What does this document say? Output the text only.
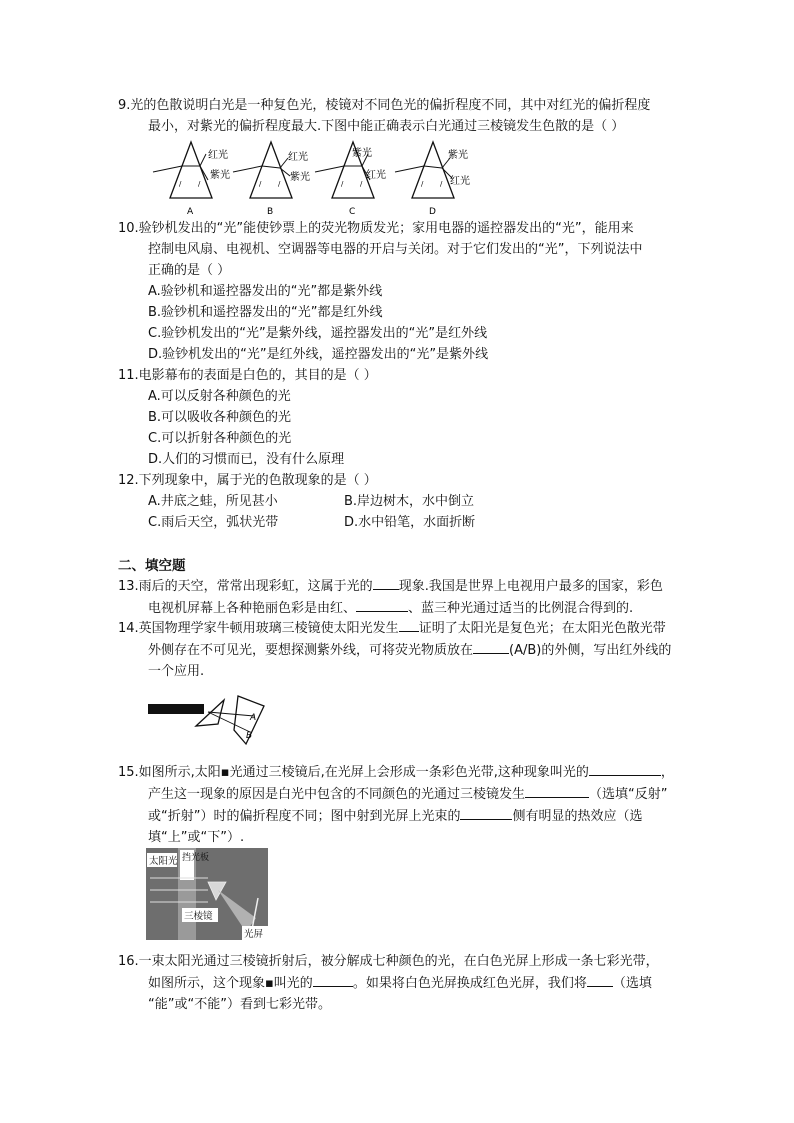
9.光的色散说明白光是一种复色光，棱镜对不同色光的偏折程度不同，其中对红光的偏折程度
最小，对紫光的偏折程度最大.下图中能正确表示白光通过三棱镜发生色散的是（ ）
/ /
红光
紫光
A
/ /
红光
紫光
B
/ /
紫光
红光
C
/ /
紫光
红光
D
10.验钞机发出的“光”能使钞票上的荧光物质发光；家用电器的遥控器发出的“光”，能用来
控制电风扇、电视机、空调器等电器的开启与关闭。对于它们发出的“光”，下列说法中
正确的是（ ）
A.验钞机和遥控器发出的“光”都是紫外线
B.验钞机和遥控器发出的“光”都是红外线
C.验钞机发出的“光”是紫外线，遥控器发出的“光”是红外线
D.验钞机发出的“光”是红外线，遥控器发出的“光”是紫外线
11.电影幕布的表面是白色的，其目的是（ ）
A.可以反射各种颜色的光
B.可以吸收各种颜色的光
C.可以折射各种颜色的光
D.人们的习惯而已，没有什么原理
12.下列现象中，属于光的色散现象的是（ ）
A.井底之蛙，所见甚小	B.岸边树木，水中倒立
C.雨后天空，弧状光带	D.水中铅笔，水面折断
二、填空题
13.雨后的天空，常常出现彩虹，这属于光的 现象.我国是世界上电视用户最多的国家，彩色
电视机屏幕上各种艳丽色彩是由红、	、蓝三种光通过适当的比例混合得到的.
14.英国物理学家牛顿用玻璃三棱镜使太阳光发生 证明了太阳光是复色光；在太阳光色散光带
外侧存在不可见光，要想探测紫外线，可将荧光物质放在	(A/B)的外侧，写出红外线的
一个应用.
A
B
15.如图所示,太阳▪光通过三棱镜后,在光屏上会形成一条彩色光带,这种现象叫光的	，
产生这一现象的原因是白光中包含的不同颜色的光通过三棱镜发生	（选填“反射”
或“折射”）时的偏折程度不同；图中射到光屏上光束的	侧有明显的热效应（选
填“上”或“下”）.
太阳光 挡光板
三棱镜
光屏
16.一束太阳光通过三棱镜折射后，被分解成七种颜色的光，在白色光屏上形成一条七彩光带，
如图所示，这个现象▪叫光的	。如果将白色光屏换成红色光屏，我们将 （选填
“能”或“不能”）看到七彩光带。
